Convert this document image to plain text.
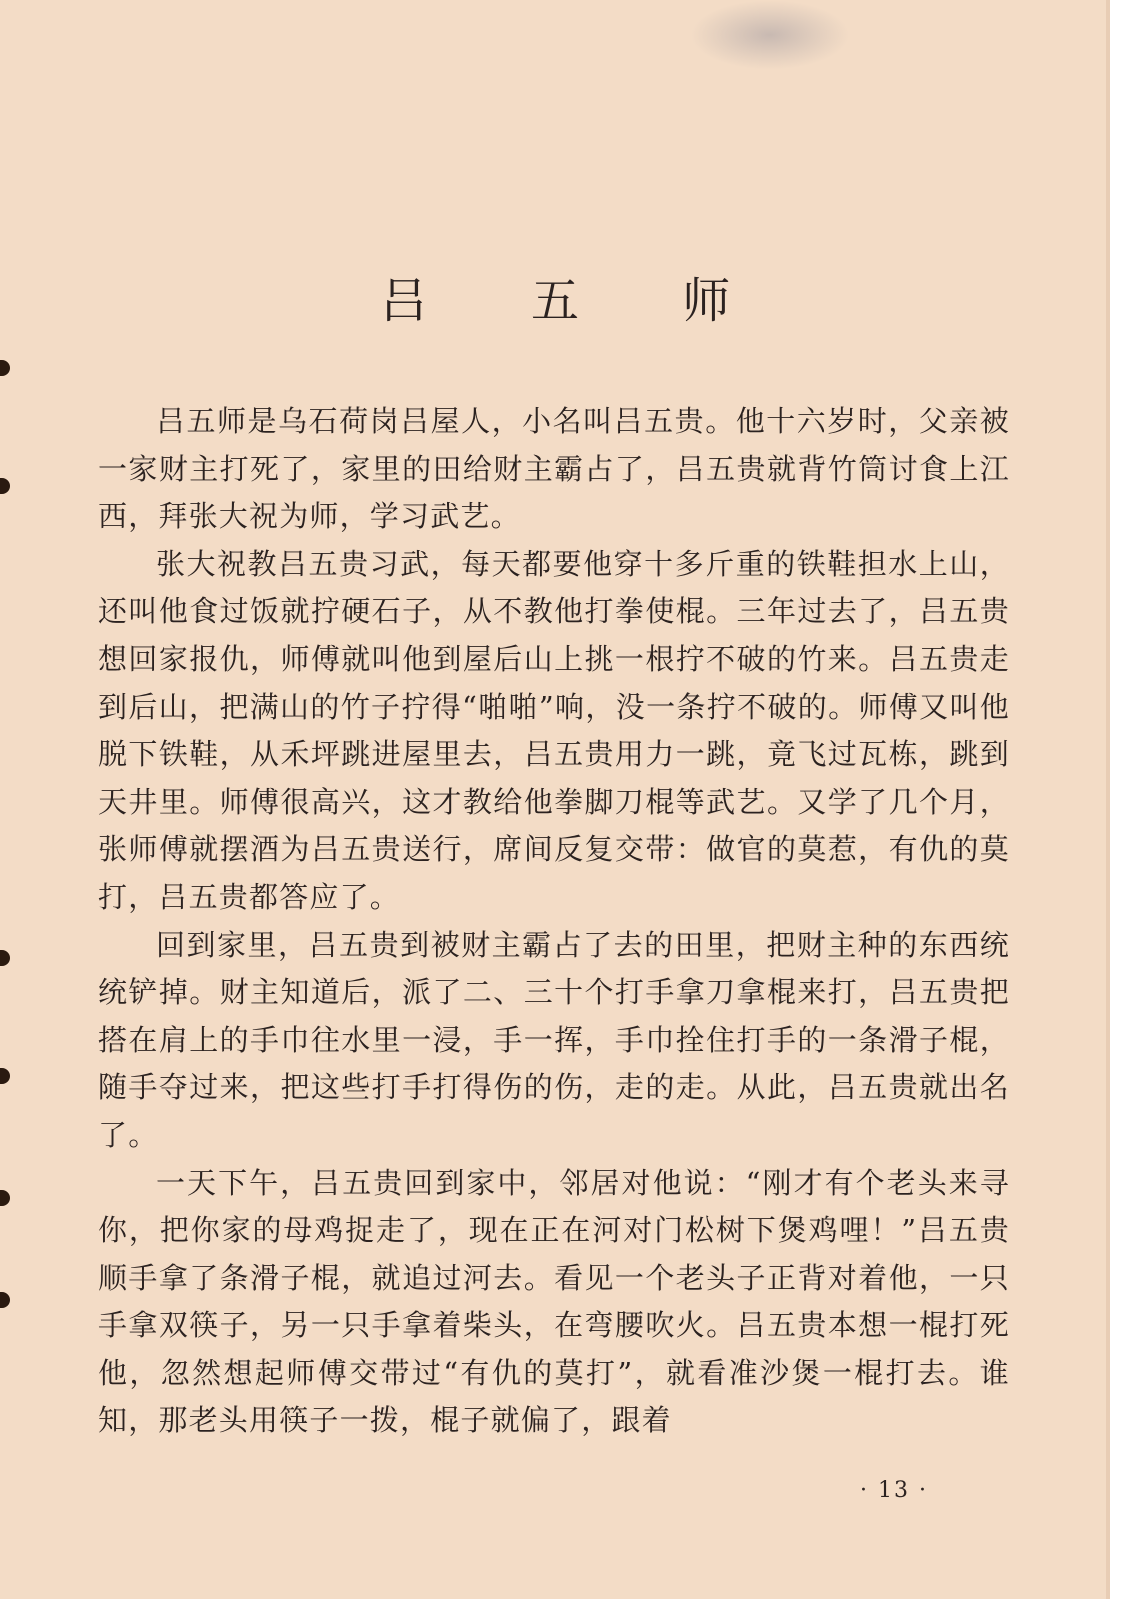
吕 五 师

吕五师是乌石荷岗吕屋人，小名叫吕五贵。他十六岁时，父亲被一家财主打死了，家里的田给财主霸占了，吕五贵就背竹筒讨食上江西，拜张大祝为师，学习武艺。

张大祝教吕五贵习武，每天都要他穿十多斤重的铁鞋担水上山，还叫他食过饭就拧硬石子，从不教他打拳使棍。三年过去了，吕五贵想回家报仇，师傅就叫他到屋后山上挑一根拧不破的竹来。吕五贵走到后山，把满山的竹子拧得“啪啪”响，没一条拧不破的。师傅又叫他脱下铁鞋，从禾坪跳进屋里去，吕五贵用力一跳，竟飞过瓦栋，跳到天井里。师傅很高兴，这才教给他拳脚刀棍等武艺。又学了几个月，张师傅就摆酒为吕五贵送行，席间反复交带：做官的莫惹，有仇的莫打，吕五贵都答应了。

回到家里，吕五贵到被财主霸占了去的田里，把财主种的东西统统铲掉。财主知道后，派了二、三十个打手拿刀拿棍来打，吕五贵把搭在肩上的手巾往水里一浸，手一挥，手巾拴住打手的一条滑子棍，随手夺过来，把这些打手打得伤的伤，走的走。从此，吕五贵就出名了。

一天下午，吕五贵回到家中，邻居对他说：“刚才有个老头来寻你，把你家的母鸡捉走了，现在正在河对门松树下煲鸡哩！”吕五贵顺手拿了条滑子棍，就追过河去。看见一个老头子正背对着他，一只手拿双筷子，另一只手拿着柴头，在弯腰吹火。吕五贵本想一棍打死他，忽然想起师傅交带过“有仇的莫打”，就看准沙煲一棍打去。谁知，那老头用筷子一拨，棍子就偏了，跟着

· 13 ·
